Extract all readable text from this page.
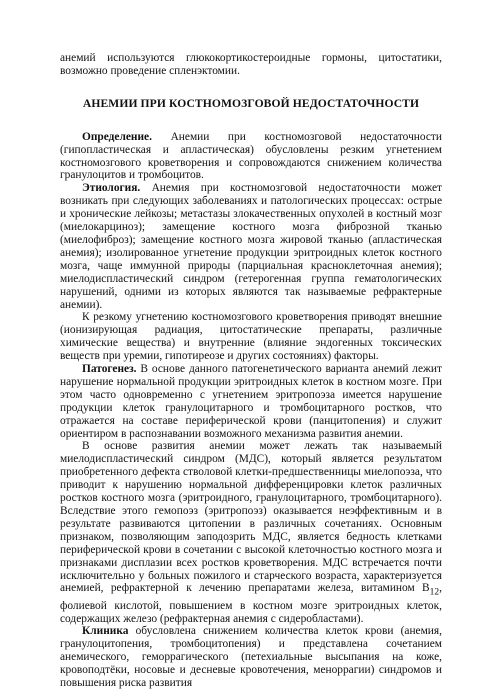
анемий используются глюкокортикостероидные гормоны, цитостатики, возможно проведение спленэктомии.

АНЕМИИ ПРИ КОСТНОМОЗГОВОЙ НЕДОСТАТОЧНОСТИ

Определение. Анемии при костномозговой недостаточности (гипопластическая и апластическая) обусловлены резким угнетением костномозгового кроветворения и сопровождаются снижением количества гранулоцитов и тромбоцитов.

Этиология. Анемия при костномозговой недостаточности может возникать при следующих заболеваниях и патологических процессах: острые и хронические лейкозы; метастазы злокачественных опухолей в костный мозг (миелокарциноз); замещение костного мозга фиброзной тканью (миелофиброз); замещение костного мозга жировой тканью (апластическая анемия); изолированное угнетение продукции эритроидных клеток костного мозга, чаще иммунной природы (парциальная красноклеточная анемия); миелодиспластический синдром (гетерогенная группа гематологических нарушений, одними из которых являются так называемые рефрактерные анемии).

К резкому угнетению костномозгового кроветворения приводят внешние (ионизирующая радиация, цитостатические препараты, различные химические вещества) и внутренние (влияние эндогенных токсических веществ при уремии, гипотиреозе и других состояниях) факторы.

Патогенез. В основе данного патогенетического варианта анемий лежит нарушение нормальной продукции эритроидных клеток в костном мозге. При этом часто одновременно с угнетением эритропоэза имеется нарушение продукции клеток гранулоцитарного и тромбоцитарного ростков, что отражается на составе периферической крови (панцитопения) и служит ориентиром в распознавании возможного механизма развития анемии.

В основе развития анемии может лежать так называемый миелодиспластический синдром (МДС), который является результатом приобретенного дефекта стволовой клетки-предшественницы миелопоэза, что приводит к нарушению нормальной дифференцировки клеток различных ростков костного мозга (эритроидного, гранулоцитарного, тромбоцитарного). Вследствие этого гемопоэз (эритропоэз) оказывается неэффективным и в результате развиваются цитопении в различных сочетаниях. Основным признаком, позволяющим заподозрить МДС, является бедность клетками периферической крови в сочетании с высокой клеточностью костного мозга и признаками дисплазии всех ростков кроветворения. МДС встречается почти исключительно у больных пожилого и старческого возраста, характеризуется анемией, рефрактерной к лечению препаратами железа, витамином $В_{12}$, фолиевой кислотой, повышением в костном мозге эритроидных клеток, содержащих железо (рефрактерная анемия с сидеробластами).

Клиника обусловлена снижением количества клеток крови (анемия, гранулоцитопения, тромбоцитопения) и представлена сочетанием анемического, геморрагического (петехиальные высыпания на коже, кровоподтёки, носовые и десневые кровотечения, меноррагии) синдромов и повышения риска развития
